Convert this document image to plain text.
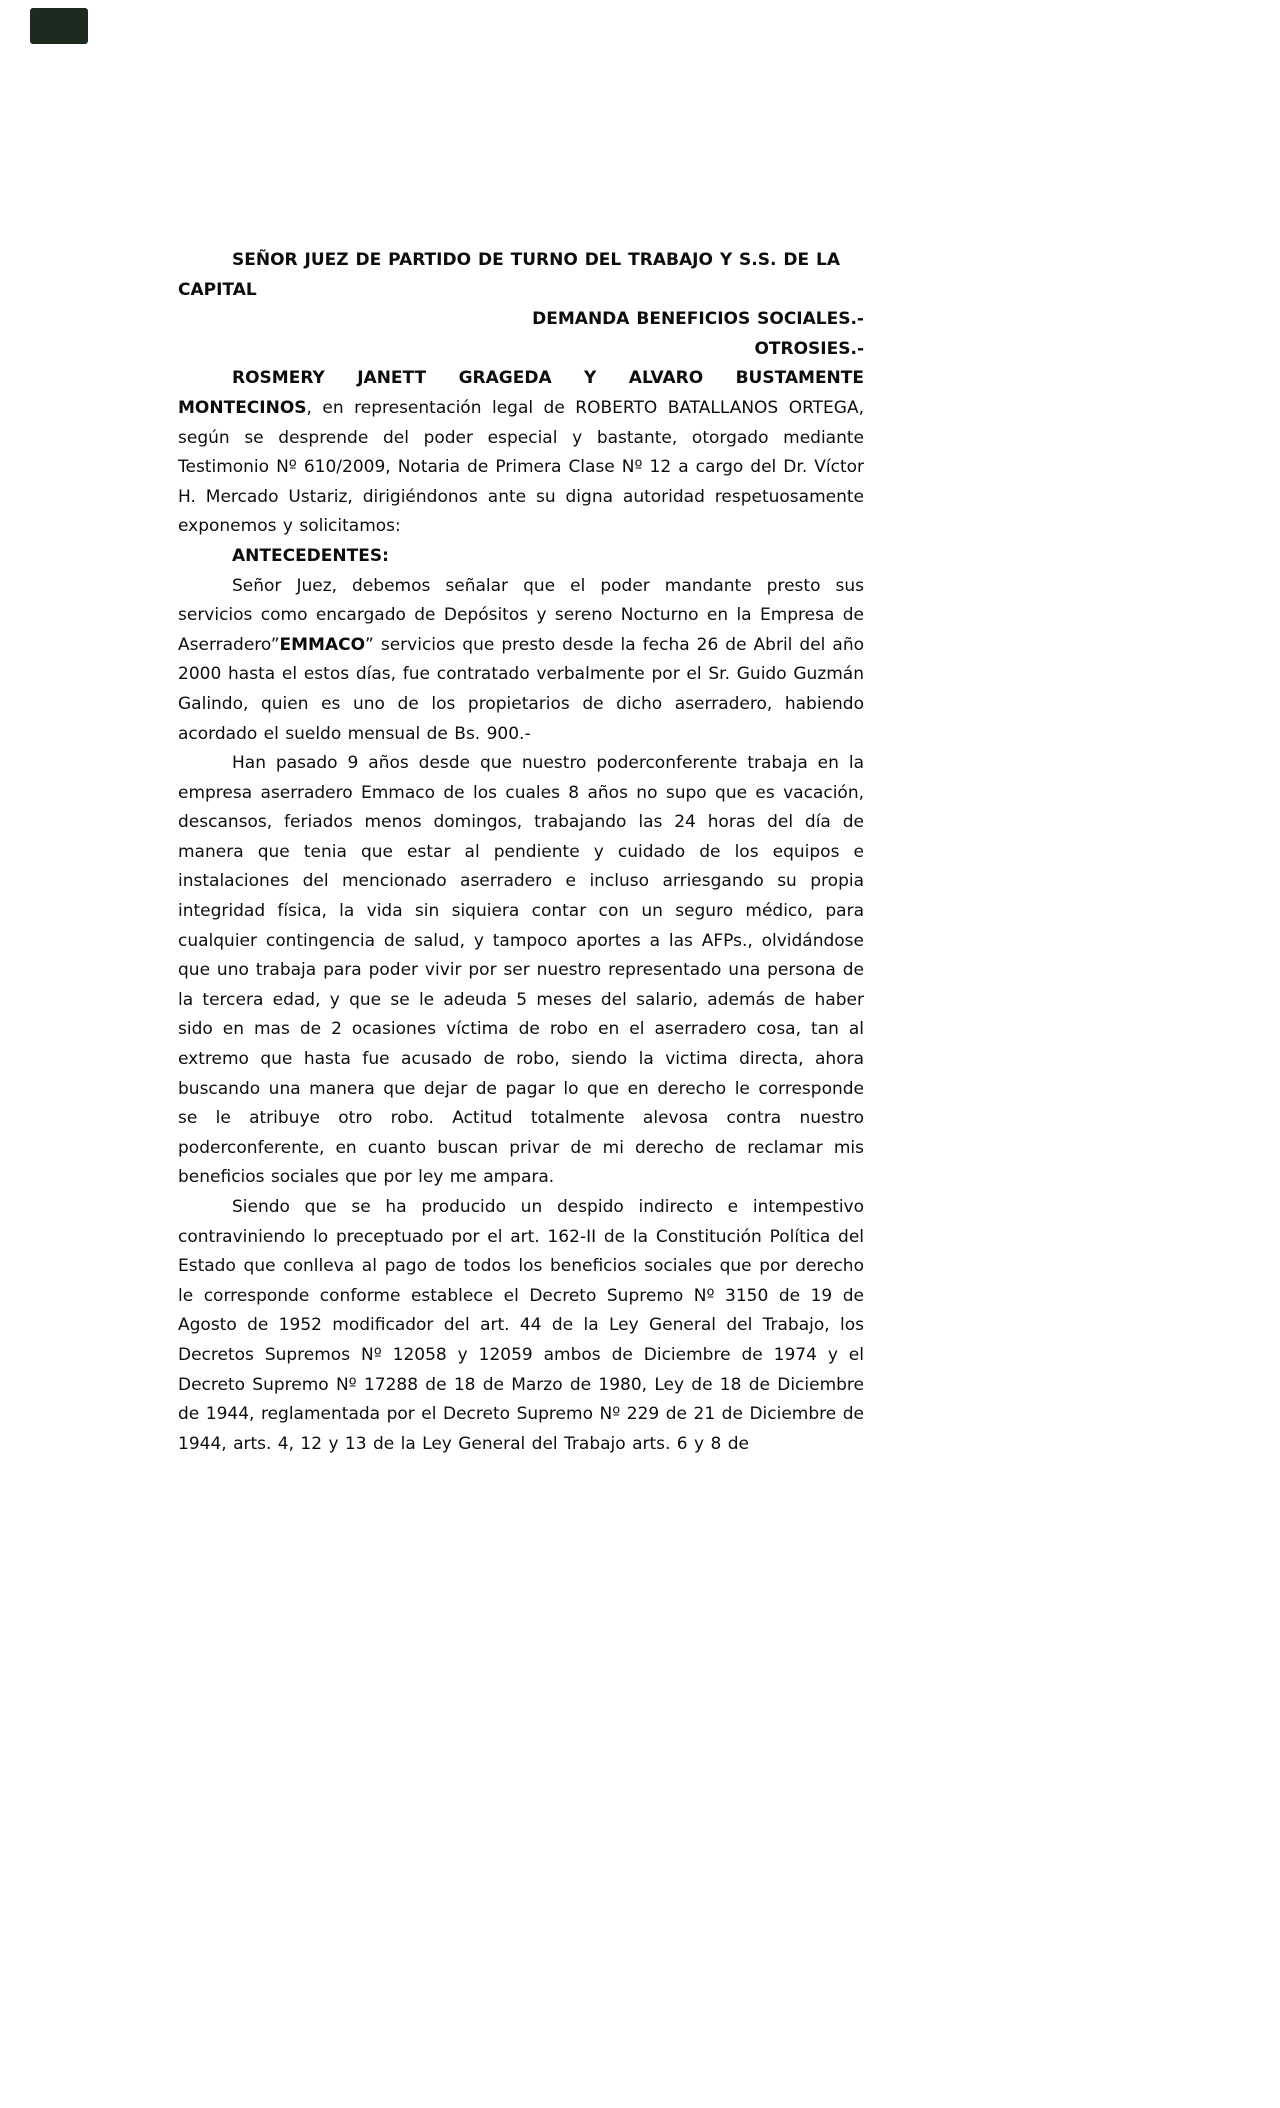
SEÑOR JUEZ DE PARTIDO DE TURNO DEL TRABAJO Y S.S. DE LA
CAPITAL

DEMANDA BENEFICIOS SOCIALES.-

OTROSIES.-

ROSMERY JANETT GRAGEDA Y ALVARO BUSTAMENTE MONTECINOS, en representación legal de ROBERTO BATALLANOS ORTEGA, según se desprende del poder especial y bastante, otorgado mediante Testimonio Nº 610/2009, Notaria de Primera Clase Nº 12 a cargo del Dr. Víctor H. Mercado Ustariz, dirigiéndonos ante su digna autoridad respetuosamente exponemos y solicitamos:

ANTECEDENTES:

Señor Juez, debemos señalar que el poder mandante presto sus servicios como encargado de Depósitos y sereno Nocturno en la Empresa de Aserradero”EMMACO” servicios que presto desde la fecha 26 de Abril del año 2000 hasta el estos días, fue contratado verbalmente por el Sr. Guido Guzmán Galindo, quien es uno de los propietarios de dicho aserradero, habiendo acordado el sueldo mensual de Bs. 900.-

Han pasado 9 años desde que nuestro poderconferente trabaja en la empresa aserradero Emmaco de los cuales 8 años no supo que es vacación, descansos, feriados menos domingos, trabajando las 24 horas del día de manera que tenia que estar al pendiente y cuidado de los equipos e instalaciones del mencionado aserradero e incluso arriesgando su propia integridad física, la vida sin siquiera contar con un seguro médico, para cualquier contingencia de salud, y tampoco aportes a las AFPs., olvidándose que uno trabaja para poder vivir por ser nuestro representado una persona de la tercera edad, y que se le adeuda 5 meses del salario, además de haber sido en mas de 2 ocasiones víctima de robo en el aserradero cosa, tan al extremo que hasta fue acusado de robo, siendo la victima directa, ahora buscando una manera que dejar de pagar lo que en derecho le corresponde se le atribuye otro robo. Actitud totalmente alevosa contra nuestro poderconferente, en cuanto buscan privar de mi derecho de reclamar mis beneficios sociales que por ley me ampara.

Siendo que se ha producido un despido indirecto e intempestivo contraviniendo lo preceptuado por el art. 162-II de la Constitución Política del Estado que conlleva al pago de todos los beneficios sociales que por derecho le corresponde conforme establece el Decreto Supremo Nº 3150 de 19 de Agosto de 1952 modificador del art. 44 de la Ley General del Trabajo, los Decretos Supremos Nº 12058 y 12059 ambos de Diciembre de 1974 y el Decreto Supremo Nº 17288 de 18 de Marzo de 1980, Ley de 18 de Diciembre de 1944, reglamentada por el Decreto Supremo Nº 229 de 21 de Diciembre de 1944, arts. 4, 12 y 13 de la Ley General del Trabajo arts. 6 y 8 de
